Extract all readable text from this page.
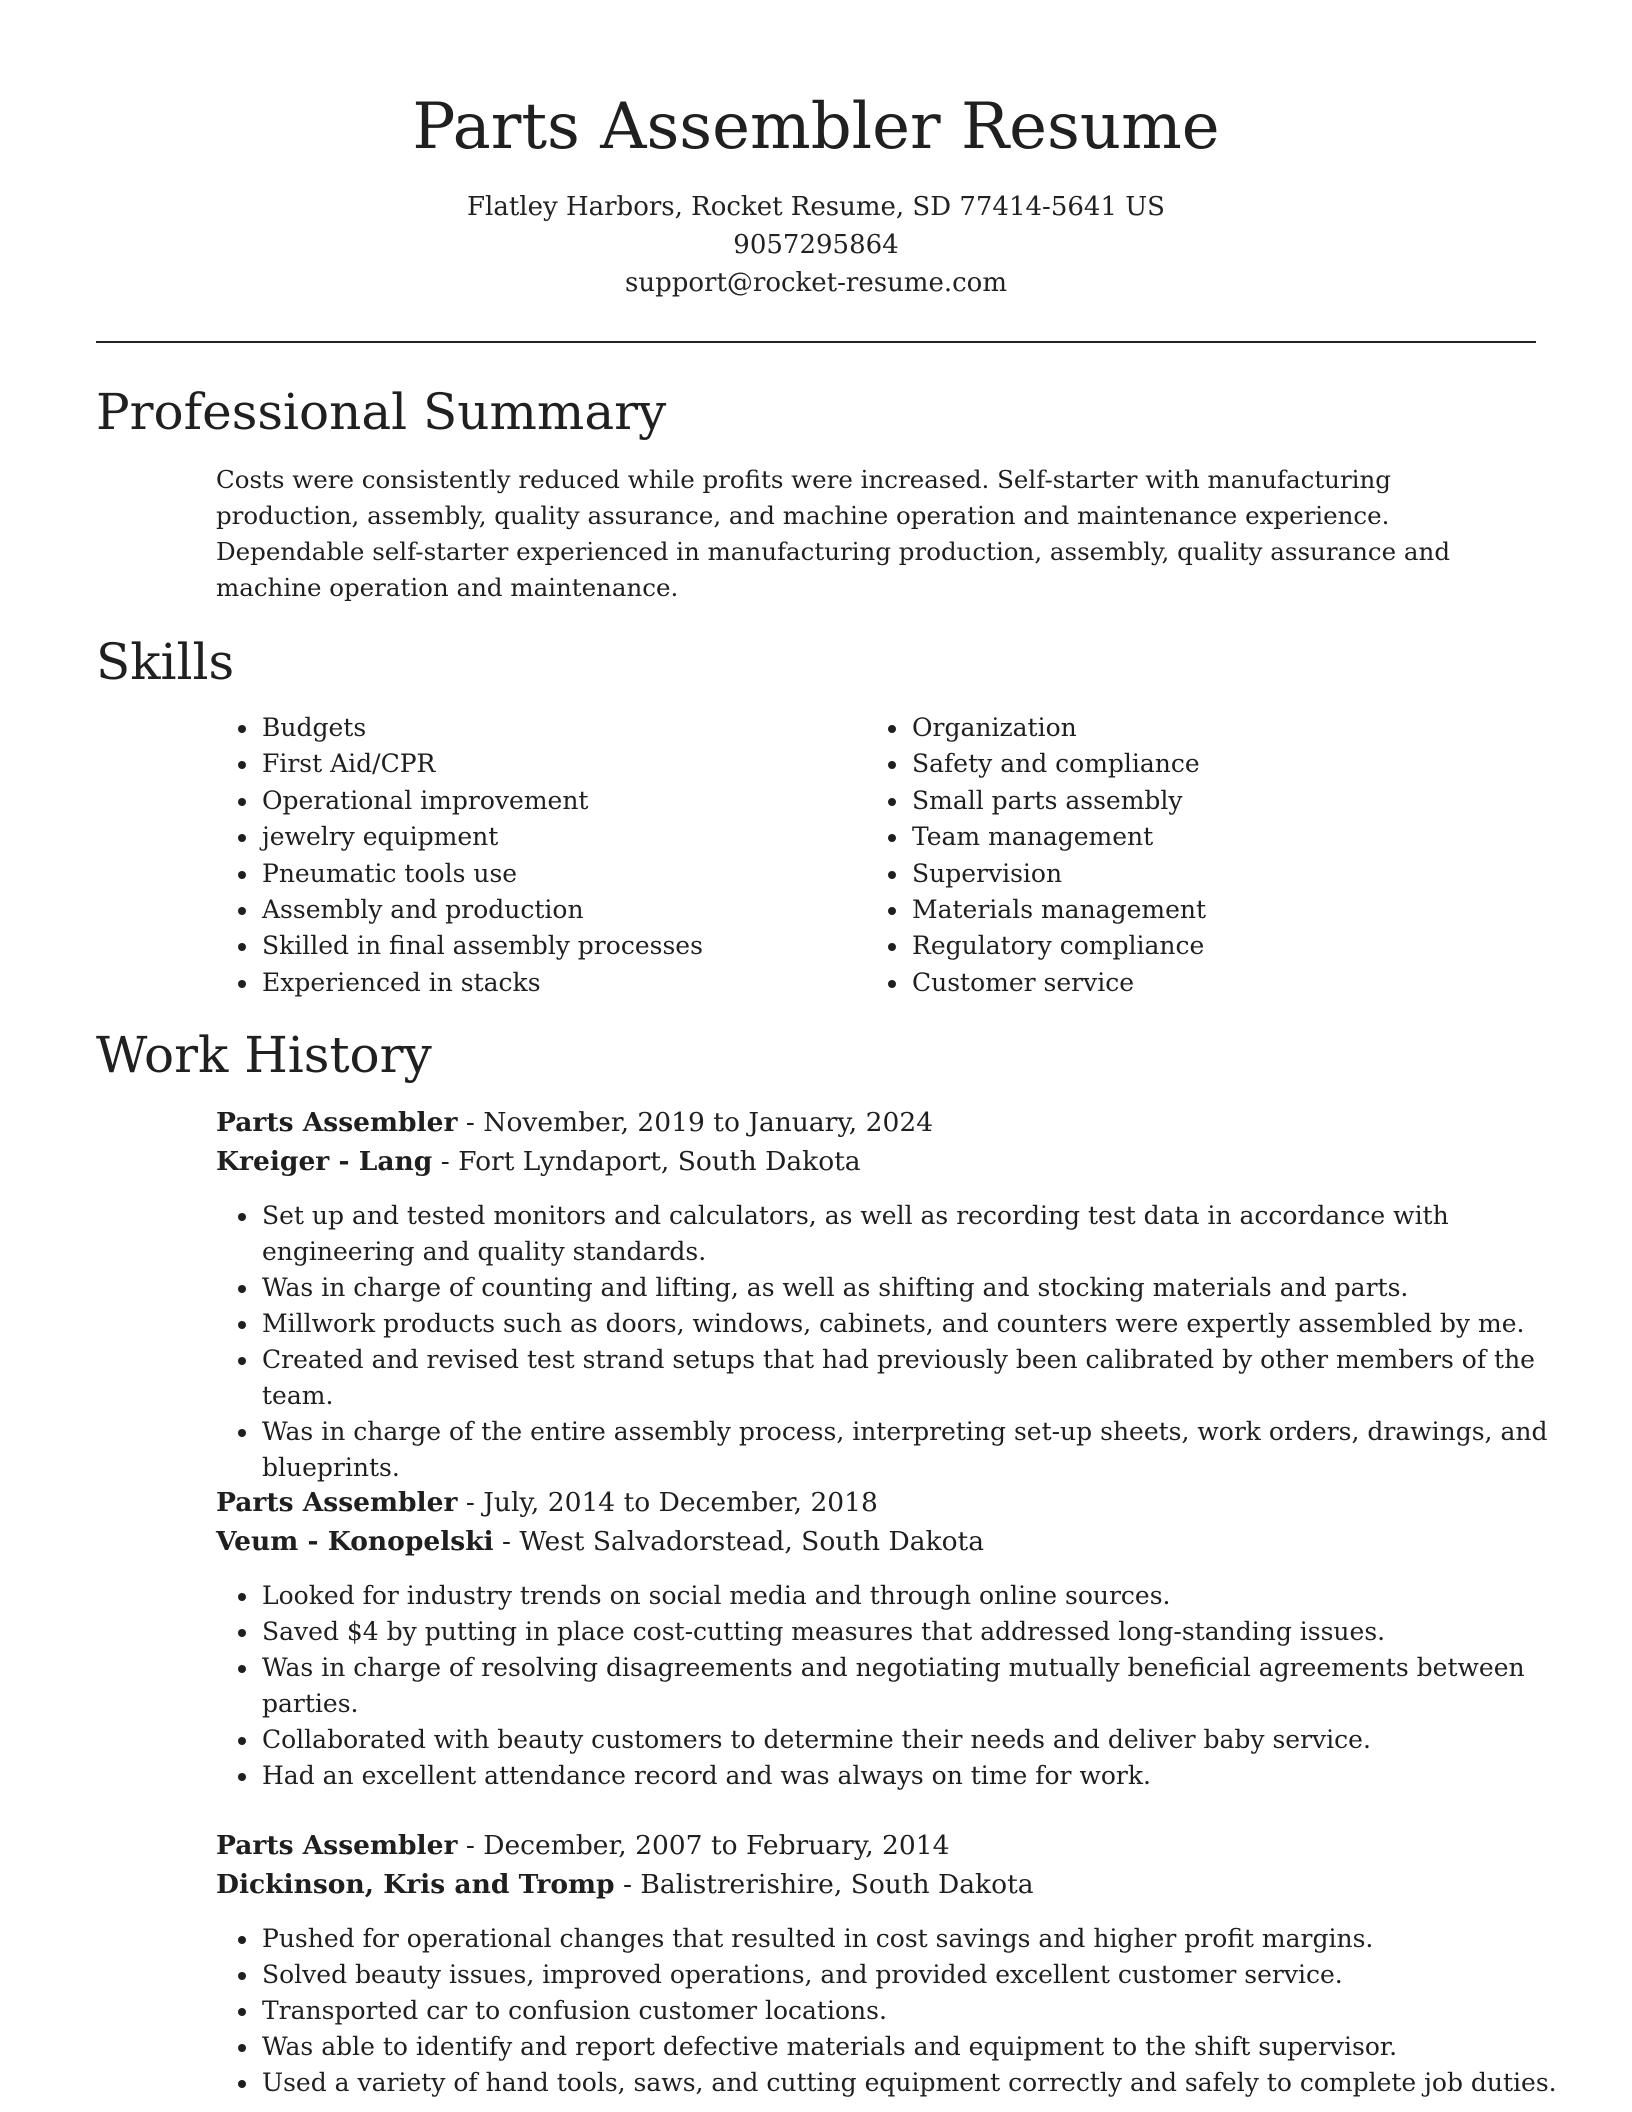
Parts Assembler Resume
Flatley Harbors, Rocket Resume, SD 77414-5641 US
9057295864
support@rocket-resume.com
Professional Summary

Costs were consistently reduced while profits were increased. Self-starter with manufacturing production, assembly, quality assurance, and machine operation and maintenance experience. Dependable self-starter experienced in manufacturing production, assembly, quality assurance and machine operation and maintenance.

Skills
• Budgets
• First Aid/CPR
• Operational improvement
• jewelry equipment
• Pneumatic tools use
• Assembly and production
• Skilled in final assembly processes
• Experienced in stacks
• Organization
• Safety and compliance
• Small parts assembly
• Team management
• Supervision
• Materials management
• Regulatory compliance
• Customer service
Work History
Parts Assembler - November, 2019 to January, 2024
Kreiger - Lang - Fort Lyndaport, South Dakota
• Set up and tested monitors and calculators, as well as recording test data in accordance with engineering and quality standards.
• Was in charge of counting and lifting, as well as shifting and stocking materials and parts.
• Millwork products such as doors, windows, cabinets, and counters were expertly assembled by me.
• Created and revised test strand setups that had previously been calibrated by other members of the team.
• Was in charge of the entire assembly process, interpreting set-up sheets, work orders, drawings, and blueprints.
Parts Assembler - July, 2014 to December, 2018
Veum - Konopelski - West Salvadorstead, South Dakota
• Looked for industry trends on social media and through online sources.
• Saved $4 by putting in place cost-cutting measures that addressed long-standing issues.
• Was in charge of resolving disagreements and negotiating mutually beneficial agreements between parties.
• Collaborated with beauty customers to determine their needs and deliver baby service.
• Had an excellent attendance record and was always on time for work.
Parts Assembler - December, 2007 to February, 2014
Dickinson, Kris and Tromp - Balistrerishire, South Dakota
• Pushed for operational changes that resulted in cost savings and higher profit margins.
• Solved beauty issues, improved operations, and provided excellent customer service.
• Transported car to confusion customer locations.
• Was able to identify and report defective materials and equipment to the shift supervisor.
• Used a variety of hand tools, saws, and cutting equipment correctly and safely to complete job duties.
